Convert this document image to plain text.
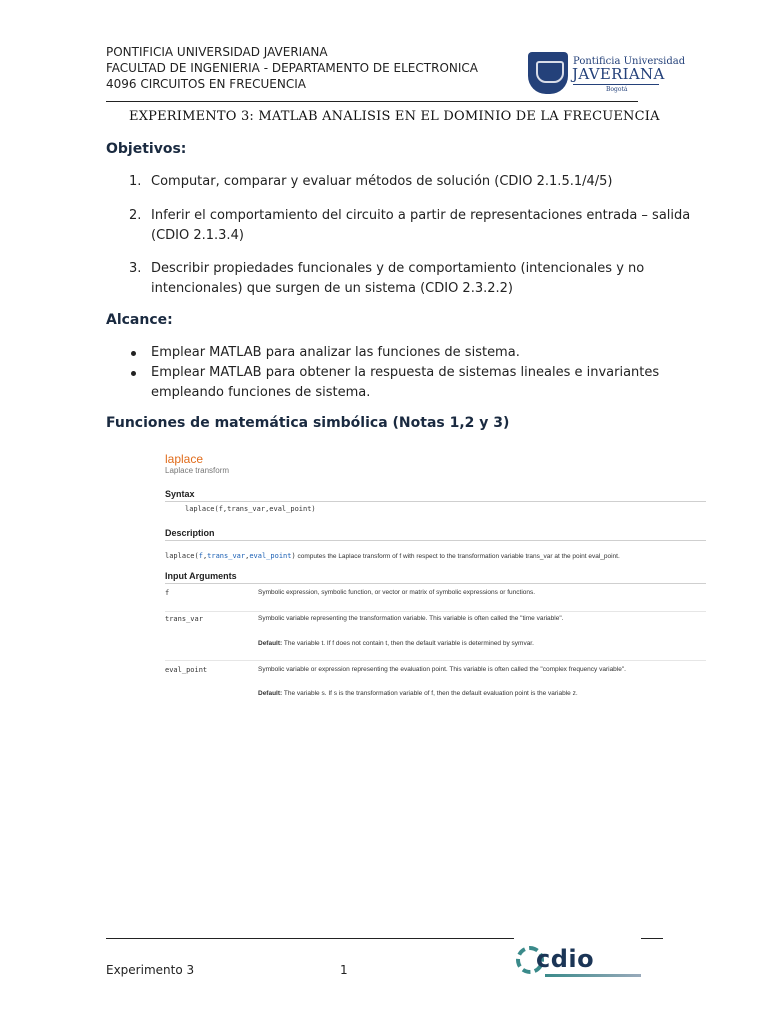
PONTIFICIA UNIVERSIDAD JAVERIANA
FACULTAD DE INGENIERIA - DEPARTAMENTO DE ELECTRONICA
4096 CIRCUITOS EN FRECUENCIA
Pontificia Universidad
JAVERIANA
Bogotá
EXPERIMENTO 3: MATLAB ANALISIS EN EL DOMINIO DE LA FRECUENCIA
Objetivos:
1. Computar, comparar y evaluar métodos de solución (CDIO 2.1.5.1/4/5)
2. Inferir el comportamiento del circuito a partir de representaciones entrada – salida
(CDIO 2.1.3.4)
3. Describir propiedades funcionales y de comportamiento (intencionales y no
intencionales) que surgen de un sistema (CDIO 2.3.2.2)
Alcance:
Emplear MATLAB para analizar las funciones de sistema.
Emplear MATLAB para obtener la respuesta de sistemas lineales e invariantes
empleando funciones de sistema.
Funciones de matemática simbólica (Notas 1,2 y 3)
laplace
Laplace transform
Syntax
laplace(f,trans_var,eval_point)
Description
laplace(f,trans_var,eval_point) computes the Laplace transform of f with respect to the transformation variable trans_var at the point eval_point.
Input Arguments
f	Symbolic expression, symbolic function, or vector or matrix of symbolic expressions or functions.
trans_var	Symbolic variable representing the transformation variable. This variable is often called the "time variable".
Default: The variable t. If f does not contain t, then the default variable is determined by symvar.
eval_point	Symbolic variable or expression representing the evaluation point. This variable is often called the "complex frequency variable".
Default: The variable s. If s is the transformation variable of f, then the default evaluation point is the variable z.
Experimento 3	1	cdio
